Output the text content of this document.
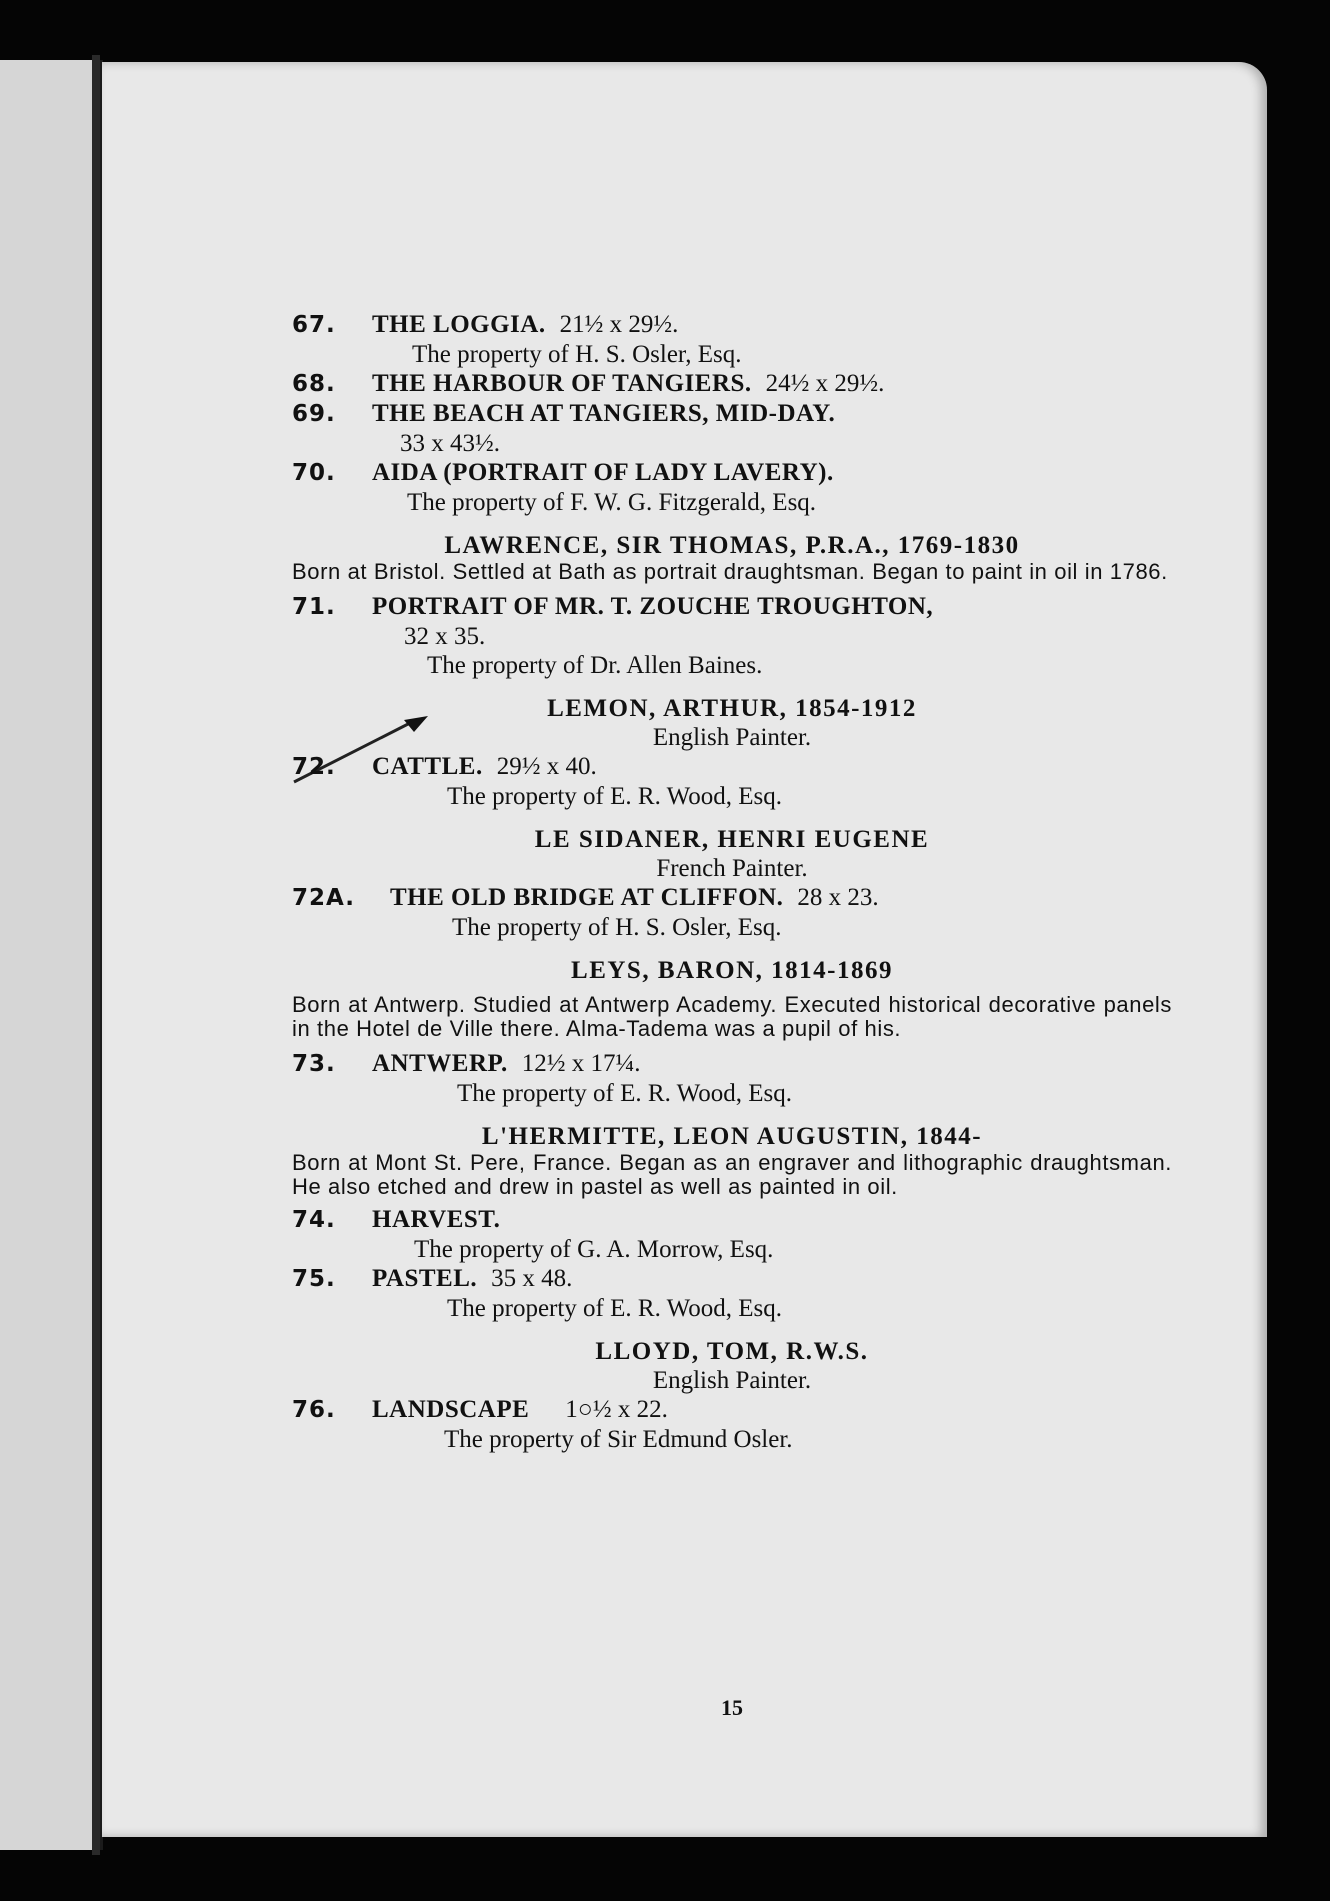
67.	THE LOGGIA. 21½ x 29½.
The property of H. S. Osler, Esq.
68.	THE HARBOUR OF TANGIERS. 24½ x 29½.
69.	THE BEACH AT TANGIERS, MID-DAY.
33 x 43½.
70.	AIDA (PORTRAIT OF LADY LAVERY).
The property of F. W. G. Fitzgerald, Esq.
LAWRENCE, SIR THOMAS, P.R.A., 1769-1830
Born at Bristol. Settled at Bath as portrait draughtsman. Began to paint in oil in 1786.
71.	PORTRAIT OF MR. T. ZOUCHE TROUGHTON,
32 x 35.
The property of Dr. Allen Baines.
LEMON, ARTHUR, 1854-1912
English Painter.
72.	CATTLE. 29½ x 40.
The property of E. R. Wood, Esq.
LE SIDANER, HENRI EUGENE
French Painter.
72A.	THE OLD BRIDGE AT CLIFFON. 28 x 23.
The property of H. S. Osler, Esq.
LEYS, BARON, 1814-1869
Born at Antwerp. Studied at Antwerp Academy. Executed historical decorative panels in the Hotel de Ville there. Alma-Tadema was a pupil of his.
73.	ANTWERP. 12½ x 17¼.
The property of E. R. Wood, Esq.
L'HERMITTE, LEON AUGUSTIN, 1844-
Born at Mont St. Pere, France. Began as an engraver and lithographic draughtsman. He also etched and drew in pastel as well as painted in oil.
74.	HARVEST.
The property of G. A. Morrow, Esq.
75.	PASTEL. 35 x 48.
The property of E. R. Wood, Esq.
LLOYD, TOM, R.W.S.
English Painter.
76.	LANDSCAPE 1○½ x 22.
The property of Sir Edmund Osler.
15
